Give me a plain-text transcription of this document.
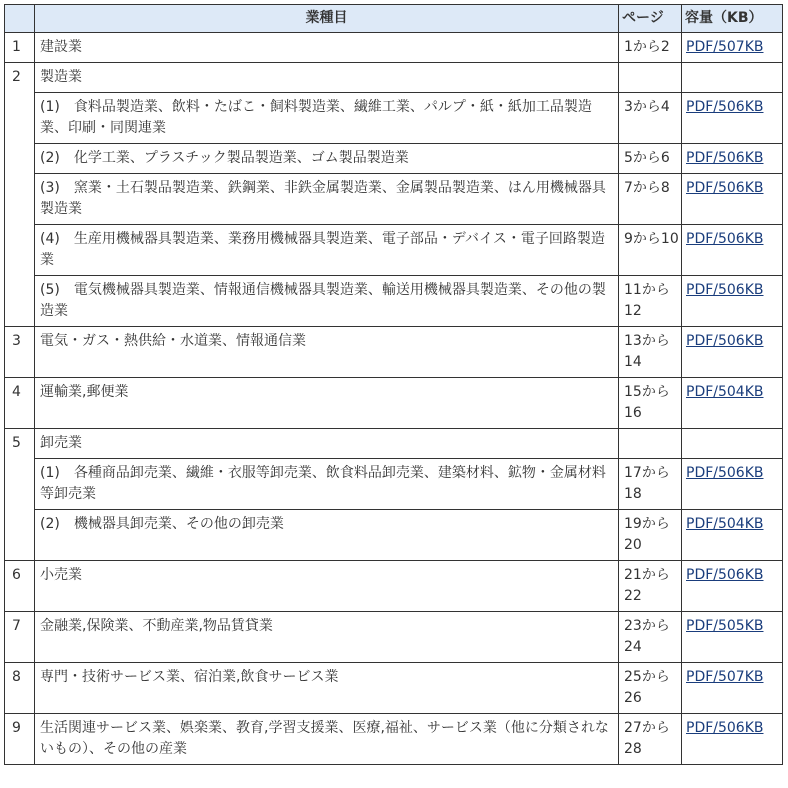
	業種目	ページ	容量（KB）
1	建設業	1から2	PDF/507KB
2	製造業		
	(1)　食料品製造業、飲料・たばこ・飼料製造業、繊維工業、パルプ・紙・紙加工品製造業、印刷・同関連業	3から4	PDF/506KB
	(2)　化学工業、プラスチック製品製造業、ゴム製品製造業	5から6	PDF/506KB
	(3)　窯業・土石製品製造業、鉄鋼業、非鉄金属製造業、金属製品製造業、はん用機械器具製造業	7から8	PDF/506KB
	(4)　生産用機械器具製造業、業務用機械器具製造業、電子部品・デバイス・電子回路製造業	9から10	PDF/506KB
	(5)　電気機械器具製造業、情報通信機械器具製造業、輸送用機械器具製造業、その他の製造業	11から12	PDF/506KB
3	電気・ガス・熱供給・水道業、情報通信業	13から14	PDF/506KB
4	運輸業,郵便業	15から16	PDF/504KB
5	卸売業		
	(1)　各種商品卸売業、繊維・衣服等卸売業、飲食料品卸売業、建築材料、鉱物・金属材料等卸売業	17から18	PDF/506KB
	(2)　機械器具卸売業、その他の卸売業	19から20	PDF/504KB
6	小売業	21から22	PDF/506KB
7	金融業,保険業、不動産業,物品賃貸業	23から24	PDF/505KB
8	専門・技術サービス業、宿泊業,飲食サービス業	25から26	PDF/507KB
9	生活関連サービス業、娯楽業、教育,学習支援業、医療,福祉、サービス業（他に分類されないもの）、その他の産業	27から28	PDF/506KB
